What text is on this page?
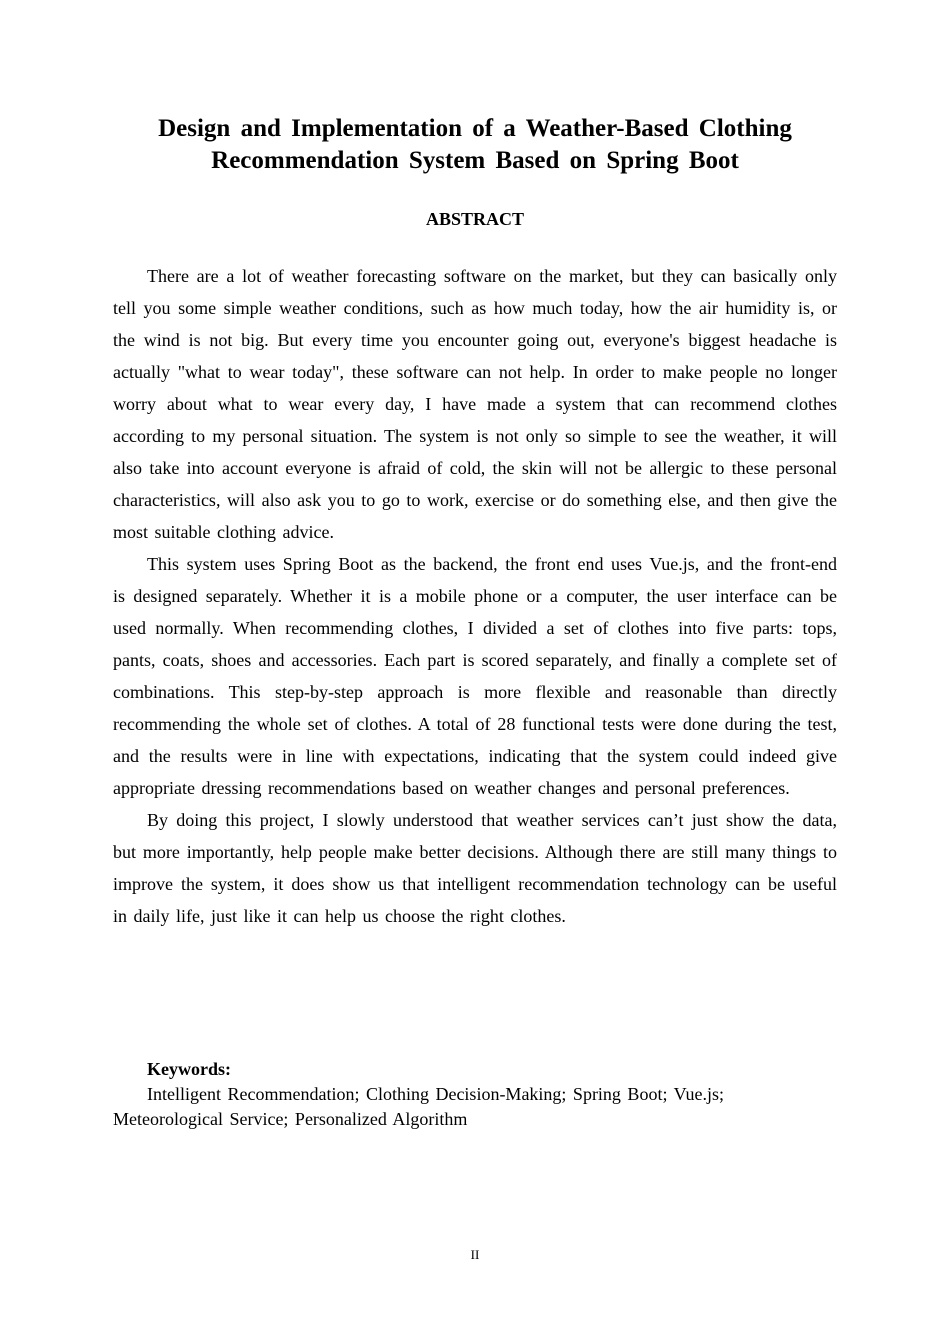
Design and Implementation of a Weather-Based Clothing
Recommendation System Based on Spring Boot
ABSTRACT

There are a lot of weather forecasting software on the market, but they can basically only tell you some simple weather conditions, such as how much today, how the air humidity is, or the wind is not big. But every time you encounter going out, everyone's biggest headache is actually "what to wear today", these software can not help. In order to make people no longer worry about what to wear every day, I have made a system that can recommend clothes according to my personal situation. The system is not only so simple to see the weather, it will also take into account everyone is afraid of cold, the skin will not be allergic to these personal characteristics, will also ask you to go to work, exercise or do something else, and then give the most suitable clothing advice.

This system uses Spring Boot as the backend, the front end uses Vue.js, and the front-end is designed separately. Whether it is a mobile phone or a computer, the user interface can be used normally. When recommending clothes, I divided a set of clothes into five parts: tops, pants, coats, shoes and accessories. Each part is scored separately, and finally a complete set of combinations. This step-by-step approach is more flexible and reasonable than directly recommending the whole set of clothes. A total of 28 functional tests were done during the test, and the results were in line with expectations, indicating that the system could indeed give appropriate dressing recommendations based on weather changes and personal preferences.

By doing this project, I slowly understood that weather services can’t just show the data, but more importantly, help people make better decisions. Although there are still many things to improve the system, it does show us that intelligent recommendation technology can be useful in daily life, just like it can help us choose the right clothes.

Keywords:
Intelligent Recommendation; Clothing Decision-Making; Spring Boot; Vue.js; Meteorological Service; Personalized Algorithm
II
